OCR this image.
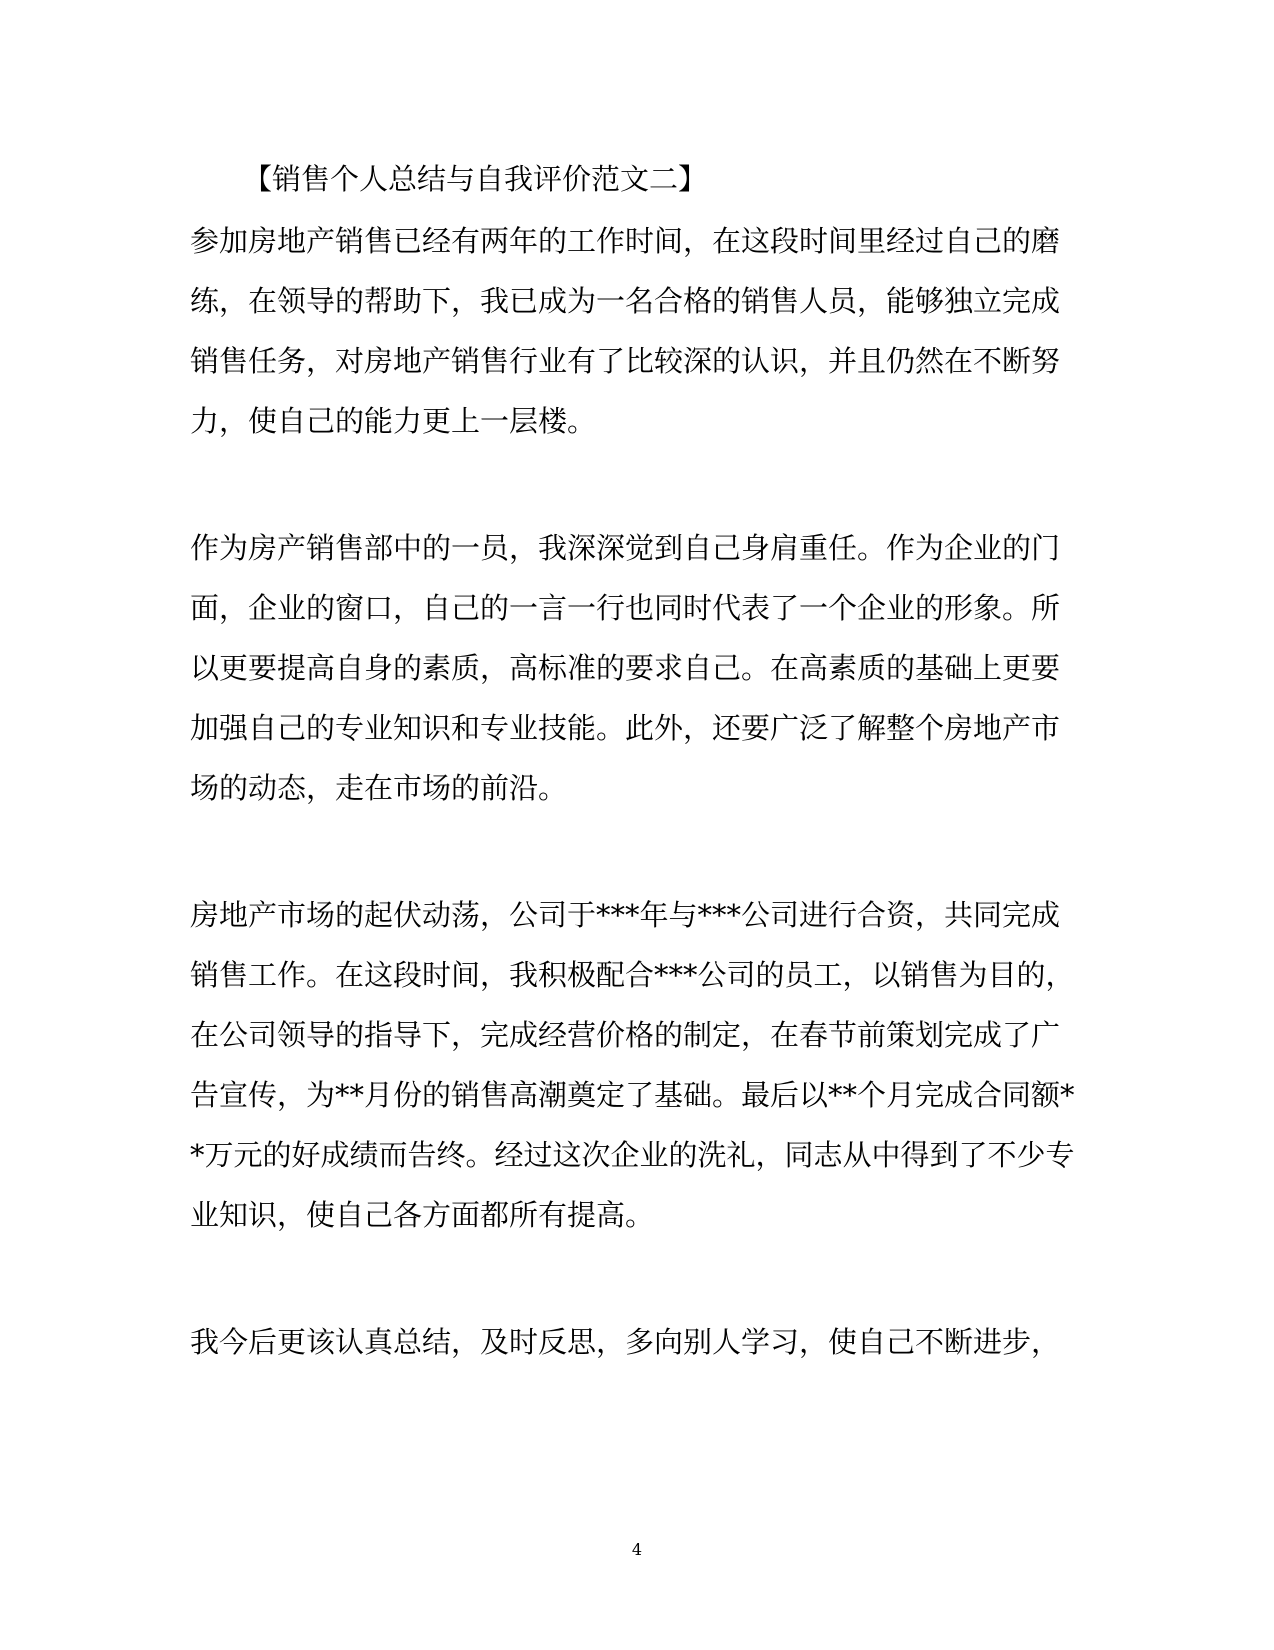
【销售个人总结与自我评价范文二】
参加房地产销售已经有两年的工作时间，在这段时间里经过自己的磨
练，在领导的帮助下，我已成为一名合格的销售人员，能够独立完成
销售任务，对房地产销售行业有了比较深的认识，并且仍然在不断努
力，使自己的能力更上一层楼。
作为房产销售部中的一员，我深深觉到自己身肩重任。作为企业的门
面，企业的窗口，自己的一言一行也同时代表了一个企业的形象。所
以更要提高自身的素质，高标准的要求自己。在高素质的基础上更要
加强自己的专业知识和专业技能。此外，还要广泛了解整个房地产市
场的动态，走在市场的前沿。
房地产市场的起伏动荡，公司于***年与***公司进行合资，共同完成
销售工作。在这段时间，我积极配合***公司的员工，以销售为目的，
在公司领导的指导下，完成经营价格的制定，在春节前策划完成了广
告宣传，为**月份的销售高潮奠定了基础。最后以**个月完成合同额*
*万元的好成绩而告终。经过这次企业的洗礼，同志从中得到了不少专
业知识，使自己各方面都所有提高。
我今后更该认真总结，及时反思，多向别人学习，使自己不断进步，
4
